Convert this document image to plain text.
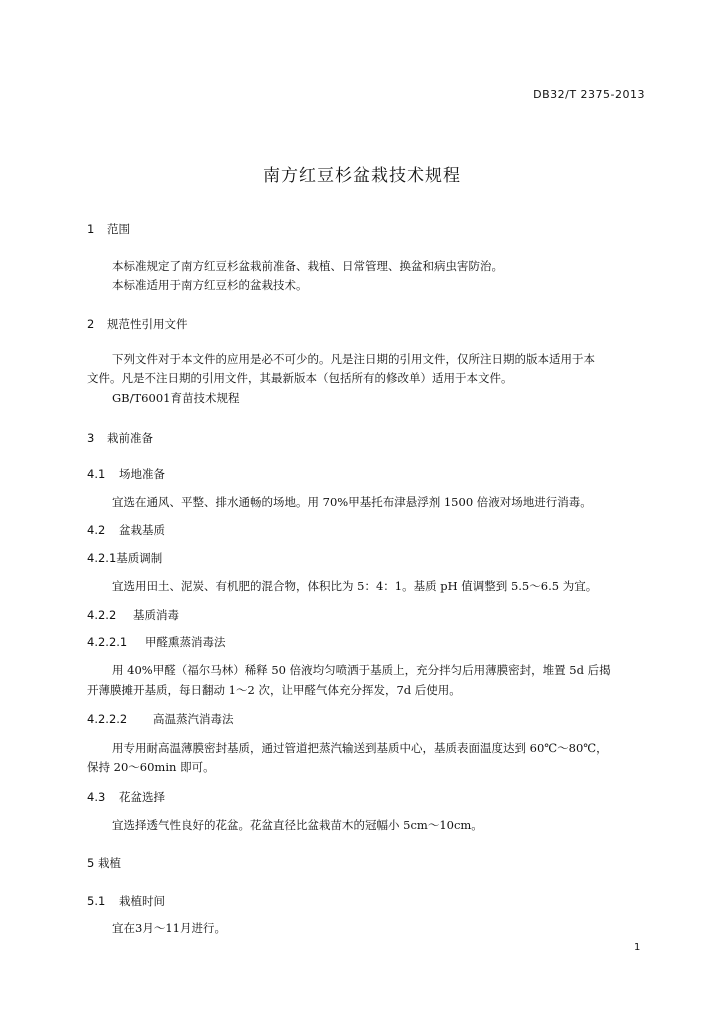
DB32/T 2375-2013
南方红豆杉盆栽技术规程
1 范围
本标准规定了南方红豆杉盆栽前准备、栽植、日常管理、换盆和病虫害防治。
本标准适用于南方红豆杉的盆栽技术。
2 规范性引用文件
下列文件对于本文件的应用是必不可少的。凡是注日期的引用文件，仅所注日期的版本适用于本
文件。凡是不注日期的引用文件，其最新版本（包括所有的修改单）适用于本文件。
GB/T6001育苗技术规程
3 栽前准备
4.1 场地准备
宜选在通风、平整、排水通畅的场地。用 70%甲基托布津悬浮剂 1500 倍液对场地进行消毒。
4.2 盆栽基质
4.2.1基质调制
宜选用田土、泥炭、有机肥的混合物，体积比为 5：4：1。基质 pH 值调整到 5.5～6.5 为宜。
4.2.2 基质消毒
4.2.2.1 甲醛熏蒸消毒法
用 40%甲醛（福尔马林）稀释 50 倍液均匀喷洒于基质上，充分拌匀后用薄膜密封，堆置 5d 后揭
开薄膜摊开基质，每日翻动 1～2 次，让甲醛气体充分挥发，7d 后使用。
4.2.2.2 高温蒸汽消毒法
用专用耐高温薄膜密封基质，通过管道把蒸汽输送到基质中心，基质表面温度达到 60℃～80℃，
保持 20～60min 即可。
4.3 花盆选择
宜选择透气性良好的花盆。花盆直径比盆栽苗木的冠幅小 5cm～10cm。
5 栽植
5.1 栽植时间
宜在3月～11月进行。
1
